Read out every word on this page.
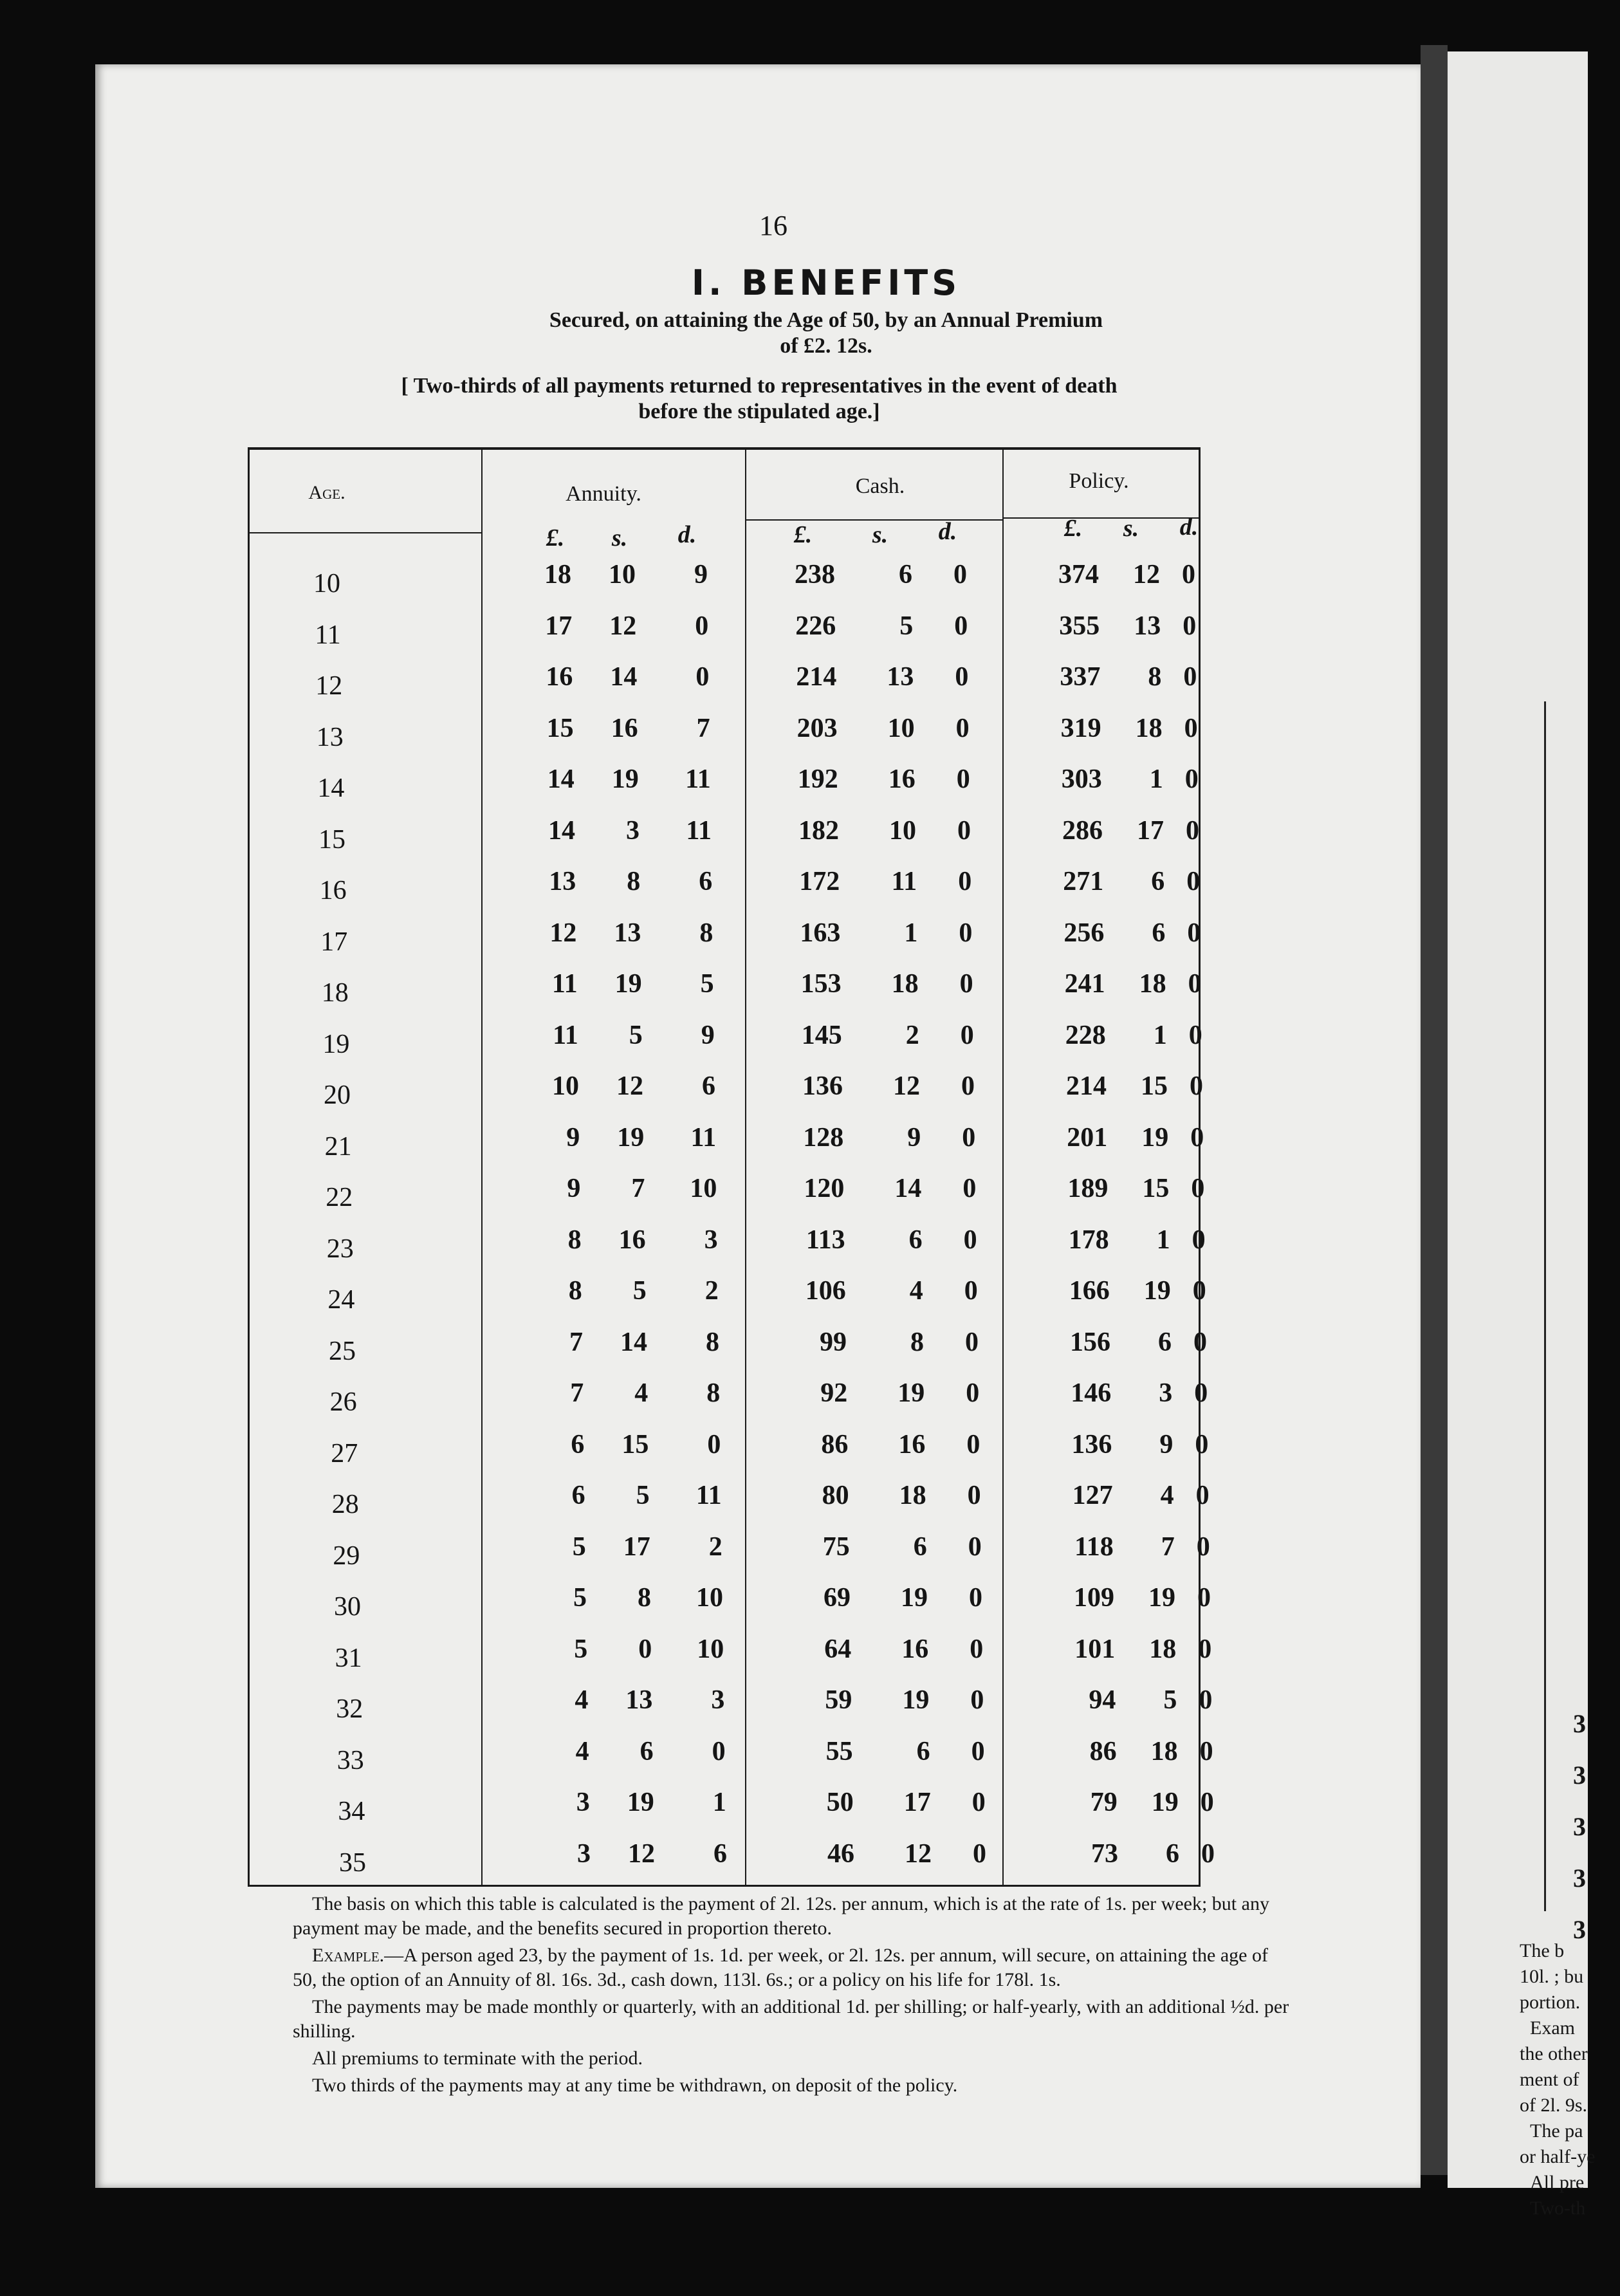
The b
10l. ; bu
portion.
Exam
the other
ment of
of 2l. 9s.
The pa
or half-ye
All pre
Two-th
3
3
3
3
3
16
I. BENEFITS
Secured, on attaining the Age of 50, by an Annual Premium
of £2. 12s.
[ Two-thirds of all payments returned to representatives in the event of death
before the stipulated age.]
Age.	Annuity.	Cash.	Policy.
£.	s.	d.	£.	s.	d.	£.	s.	d.
10	18	10	9	238	6	0	374	12 0
11	17	12	0	226	5	0	355	13 0
12	16	14	0	214	13	0	337	8 0
13	15	16	7	203	10	0	319	18 0
14	14	19	11	192	16	0	303	1 0
15	14	3	11	182	10	0	286	17 0
16	13	8	6	172	11	0	271	6 0
17	12	13	8	163	1	0	256	6 0
18	11	19	5	153	18	0	241	18 0
19	11	5	9	145	2	0	228	1 0
20	10	12	6	136	12	0	214	15 0
21	9	19	11	128	9	0	201	19 0
22	9	7	10	120	14	0	189	15 0
23	8	16	3	113	6	0	178	1 0
24	8	5	2	106	4	0	166	19 0
25	7	14	8	99	8	0	156	6 0
26	7	4	8	92	19	0	146	3 0
27	6	15	0	86	16	0	136	9 0
28	6	5	11	80	18	0	127	4 0
29	5	17	2	75	6	0	118	7 0
30	5	8	10	69	19	0	109	19 0
31	5	0	10	64	16	0	101	18 0
32	4	13	3	59	19	0	94	5 0
33	4	6	0	55	6	0	86	18 0
34	3	19	1	50	17	0	79	19 0
35	3	12	6	46	12	0	73	6 0

The basis on which this table is calculated is the payment of 2l. 12s. per annum, which is at the rate of 1s. per week; but any payment may be made, and the benefits secured in proportion thereto.

Example.—A person aged 23, by the payment of 1s. 1d. per week, or 2l. 12s. per annum, will secure, on attaining the age of 50, the option of an Annuity of 8l. 16s. 3d., cash down, 113l. 6s.; or a policy on his life for 178l. 1s.

The payments may be made monthly or quarterly, with an additional 1d. per shilling; or half-yearly, with an additional ½d. per shilling.

All premiums to terminate with the period.

Two thirds of the payments may at any time be withdrawn, on deposit of the policy.
